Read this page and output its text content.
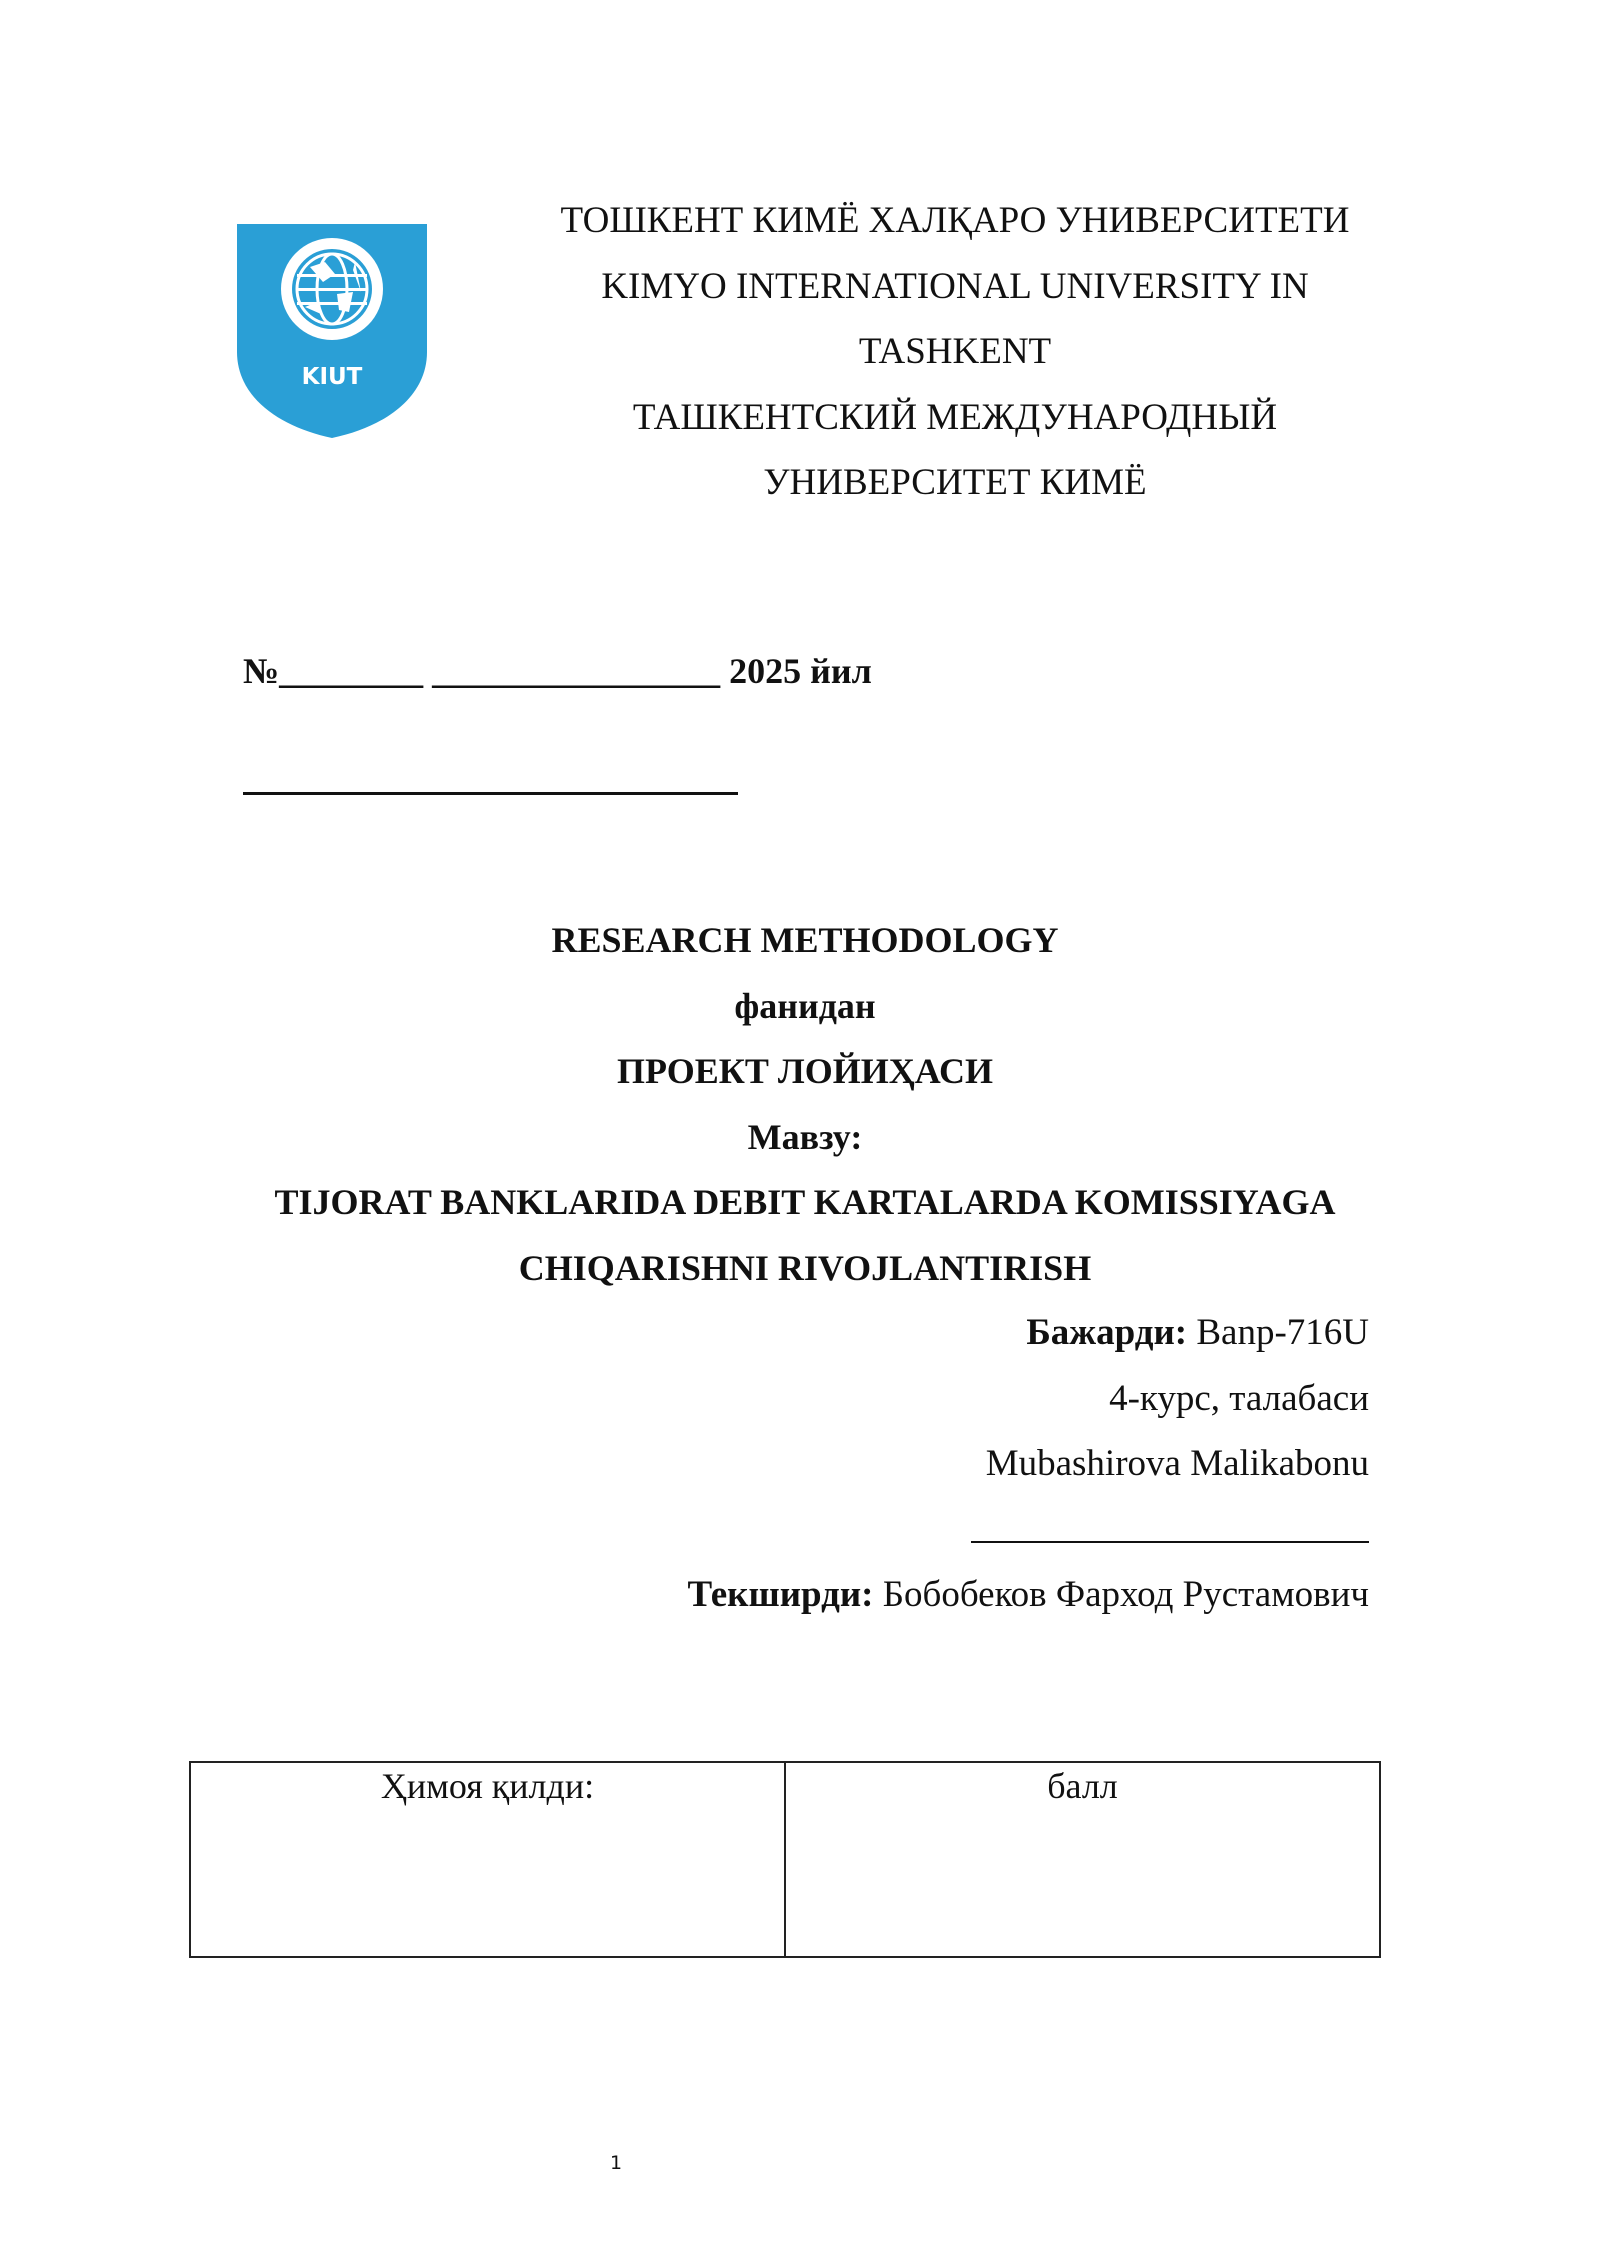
KIUT
ТОШКЕНТ КИМЁ ХАЛҚАРО УНИВЕРСИТЕТИ
KIMYO INTERNATIONAL UNIVERSITY IN
TASHKENT
ТАШКЕНТСКИЙ МЕЖДУНАРОДНЫЙ
УНИВЕРСИТЕТ КИМЁ
№________ ________________ 2025 йил
RESEARCH METHODOLOGY
фанидан
ПРОЕКТ ЛОЙИҲАСИ
Мавзу:
TIJORAT BANKLARIDA DEBIT KARTALARDA KOMISSIYAGA
CHIQARISHNI RIVOJLANTIRISH
Бажарди: Banp-716U
4-курс, талабаси
Mubashirova Malikabonu
Текширди: Бобобеков Фарход Рустамович
Ҳимоя қилди:	балл
1
